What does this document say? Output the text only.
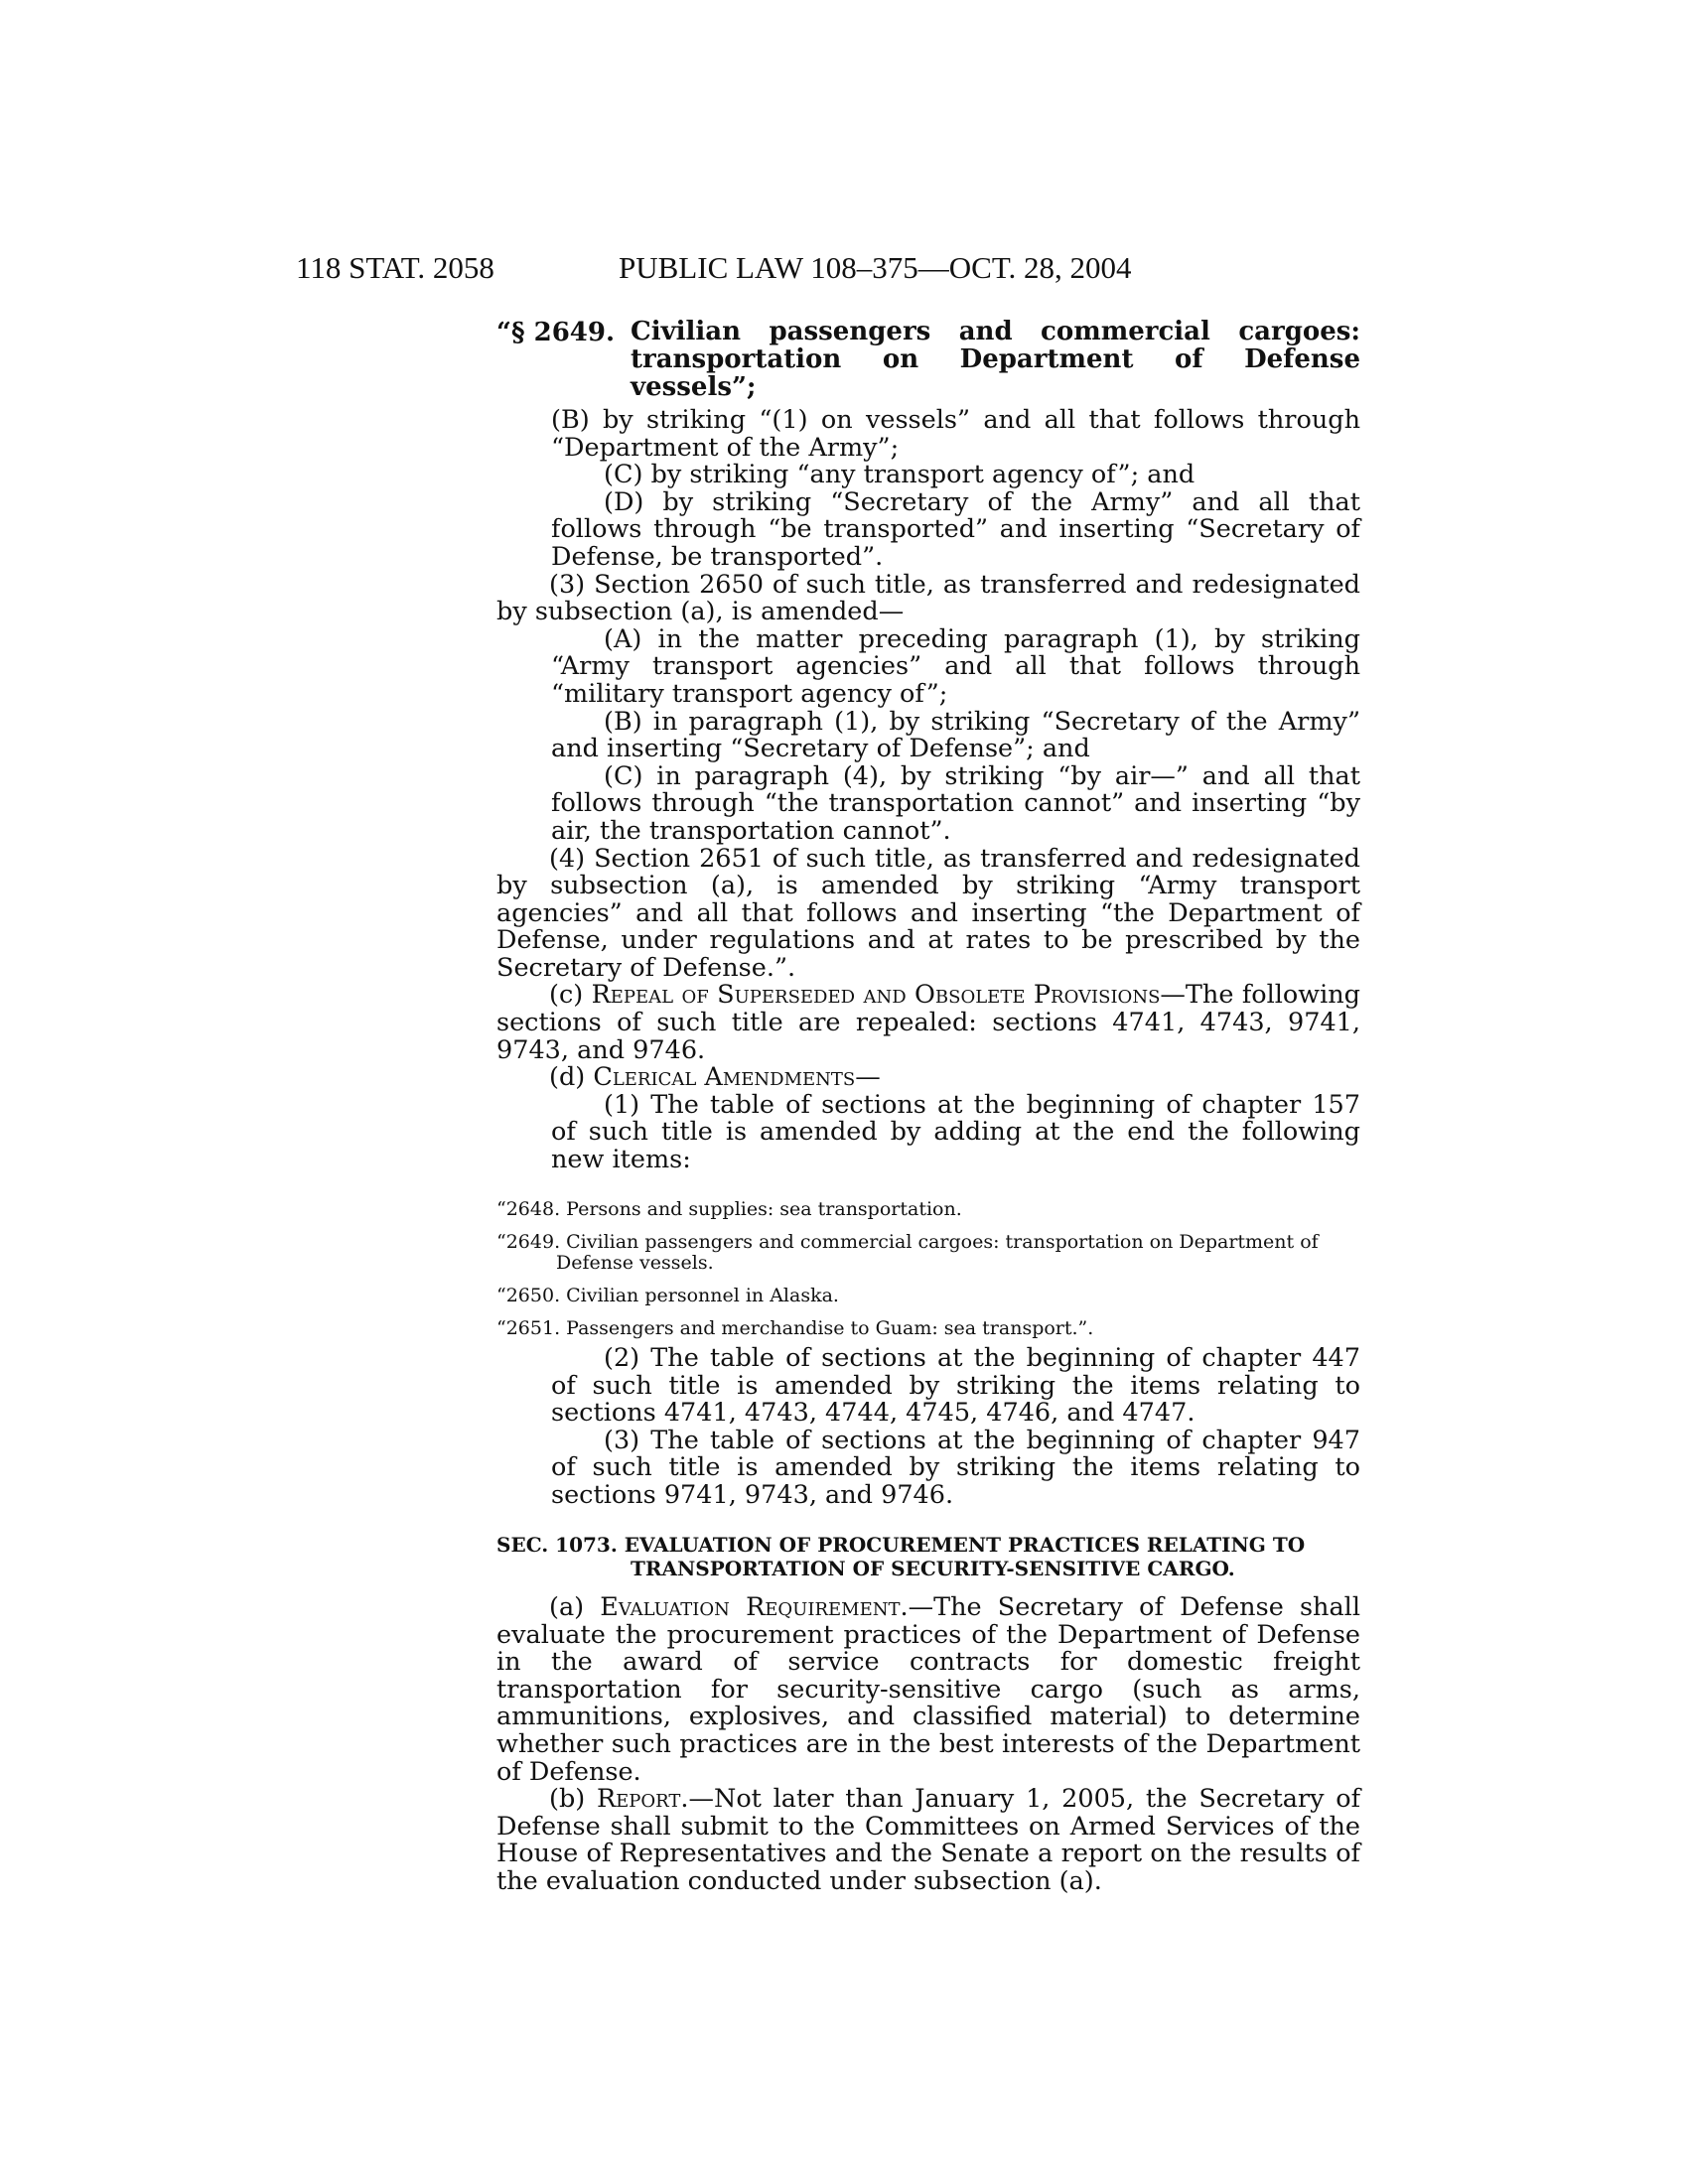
118 STAT. 2058	PUBLIC LAW 108–375—OCT. 28, 2004
“§ 2649. Civilian passengers and commercial cargoes: transportation on Department of Defense vessels”;

(B) by striking “(1) on vessels” and all that follows through “Department of the Army”;

(C) by striking “any transport agency of”; and

(D) by striking “Secretary of the Army” and all that follows through “be transported” and inserting “Secretary of Defense, be transported”.

(3) Section 2650 of such title, as transferred and redesignated by subsection (a), is amended—

(A) in the matter preceding paragraph (1), by striking “Army transport agencies” and all that follows through “military transport agency of”;

(B) in paragraph (1), by striking “Secretary of the Army” and inserting “Secretary of Defense”; and

(C) in paragraph (4), by striking “by air—” and all that follows through “the transportation cannot” and inserting “by air, the transportation cannot”.

(4) Section 2651 of such title, as transferred and redesignated by subsection (a), is amended by striking “Army transport agencies” and all that follows and inserting “the Department of Defense, under regulations and at rates to be prescribed by the Secretary of Defense.”.

(c) Repeal of Superseded and Obsolete Provisions—The following sections of such title are repealed: sections 4741, 4743, 9741, 9743, and 9746.

(d) Clerical Amendments—

(1) The table of sections at the beginning of chapter 157 of such title is amended by adding at the end the following new items:

“2648. Persons and supplies: sea transportation.
“2649. Civilian passengers and commercial cargoes: transportation on Department of Defense vessels.
“2650. Civilian personnel in Alaska.
“2651. Passengers and merchandise to Guam: sea transport.”.

(2) The table of sections at the beginning of chapter 447 of such title is amended by striking the items relating to sections 4741, 4743, 4744, 4745, 4746, and 4747.

(3) The table of sections at the beginning of chapter 947 of such title is amended by striking the items relating to sections 9741, 9743, and 9746.

SEC. 1073. EVALUATION OF PROCUREMENT PRACTICES RELATING TO
TRANSPORTATION OF SECURITY-SENSITIVE CARGO.

(a) Evaluation Requirement.—The Secretary of Defense shall evaluate the procurement practices of the Department of Defense in the award of service contracts for domestic freight transportation for security-sensitive cargo (such as arms, ammunitions, explosives, and classified material) to determine whether such practices are in the best interests of the Department of Defense.

(b) Report.—Not later than January 1, 2005, the Secretary of Defense shall submit to the Committees on Armed Services of the House of Representatives and the Senate a report on the results of the evaluation conducted under subsection (a).
